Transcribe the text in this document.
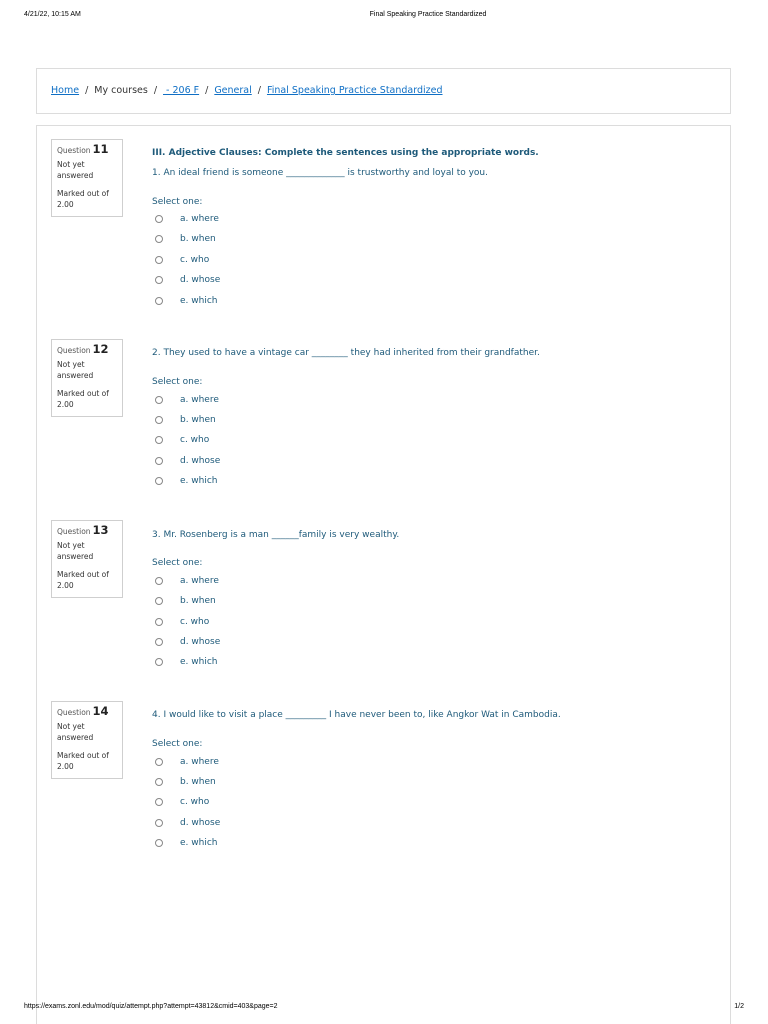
4/21/22, 10:15 AM	Final Speaking Practice Standardized
Home / My courses / - 206 F / General / Final Speaking Practice Standardized
Question 11
Not yet answered
Marked out of 2.00
III. Adjective Clauses: Complete the sentences using the appropriate words.
1. An ideal friend is someone _____________ is trustworthy and loyal to you.
Select one:
a. where
b. when
c. who
d. whose
e. which
Question 12
Not yet answered
Marked out of 2.00
2. They used to have a vintage car ________ they had inherited from their grandfather.
Select one:
a. where
b. when
c. who
d. whose
e. which
Question 13
Not yet answered
Marked out of 2.00
3. Mr. Rosenberg is a man ______family is very wealthy.
Select one:
a. where
b. when
c. who
d. whose
e. which
Question 14
Not yet answered
Marked out of 2.00
4. I would like to visit a place _________ I have never been to, like Angkor Wat in Cambodia.
Select one:
a. where
b. when
c. who
d. whose
e. which
https://exams.zonl.edu/mod/quiz/attempt.php?attempt=43812&cmid=403&page=2	1/2
